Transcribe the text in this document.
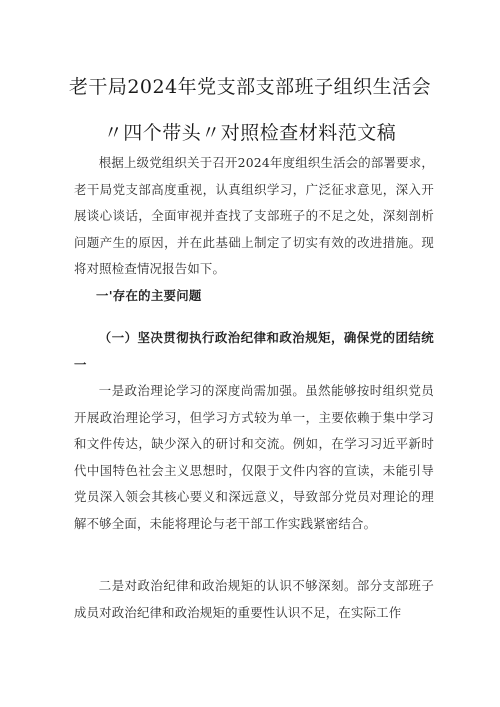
老干局2024年党支部支部班子组织生活会
〃四个带头〃对照检查材料范文稿
根据上级党组织关于召开2024年度组织生活会的部署要求，老干局党支部高度重视，认真组织学习，广泛征求意见，深入开展谈心谈话，全面审视并查找了支部班子的不足之处，深刻剖析问题产生的原因，并在此基础上制定了切实有效的改进措施。现将对照检查情况报告如下。
一'存在的主要问题
（一）坚决贯彻执行政治纪律和政治规矩，确保党的团结统一
一是政治理论学习的深度尚需加强。虽然能够按时组织党员开展政治理论学习，但学习方式较为单一，主要依赖于集中学习和文件传达，缺少深入的研讨和交流。例如，在学习习近平新时代中国特色社会主义思想时，仅限于文件内容的宣读，未能引导党员深入领会其核心要义和深远意义，导致部分党员对理论的理解不够全面，未能将理论与老干部工作实践紧密结合。
二是对政治纪律和政治规矩的认识不够深刻。部分支部班子成员对政治纪律和政治规矩的重要性认识不足，在实际工作
